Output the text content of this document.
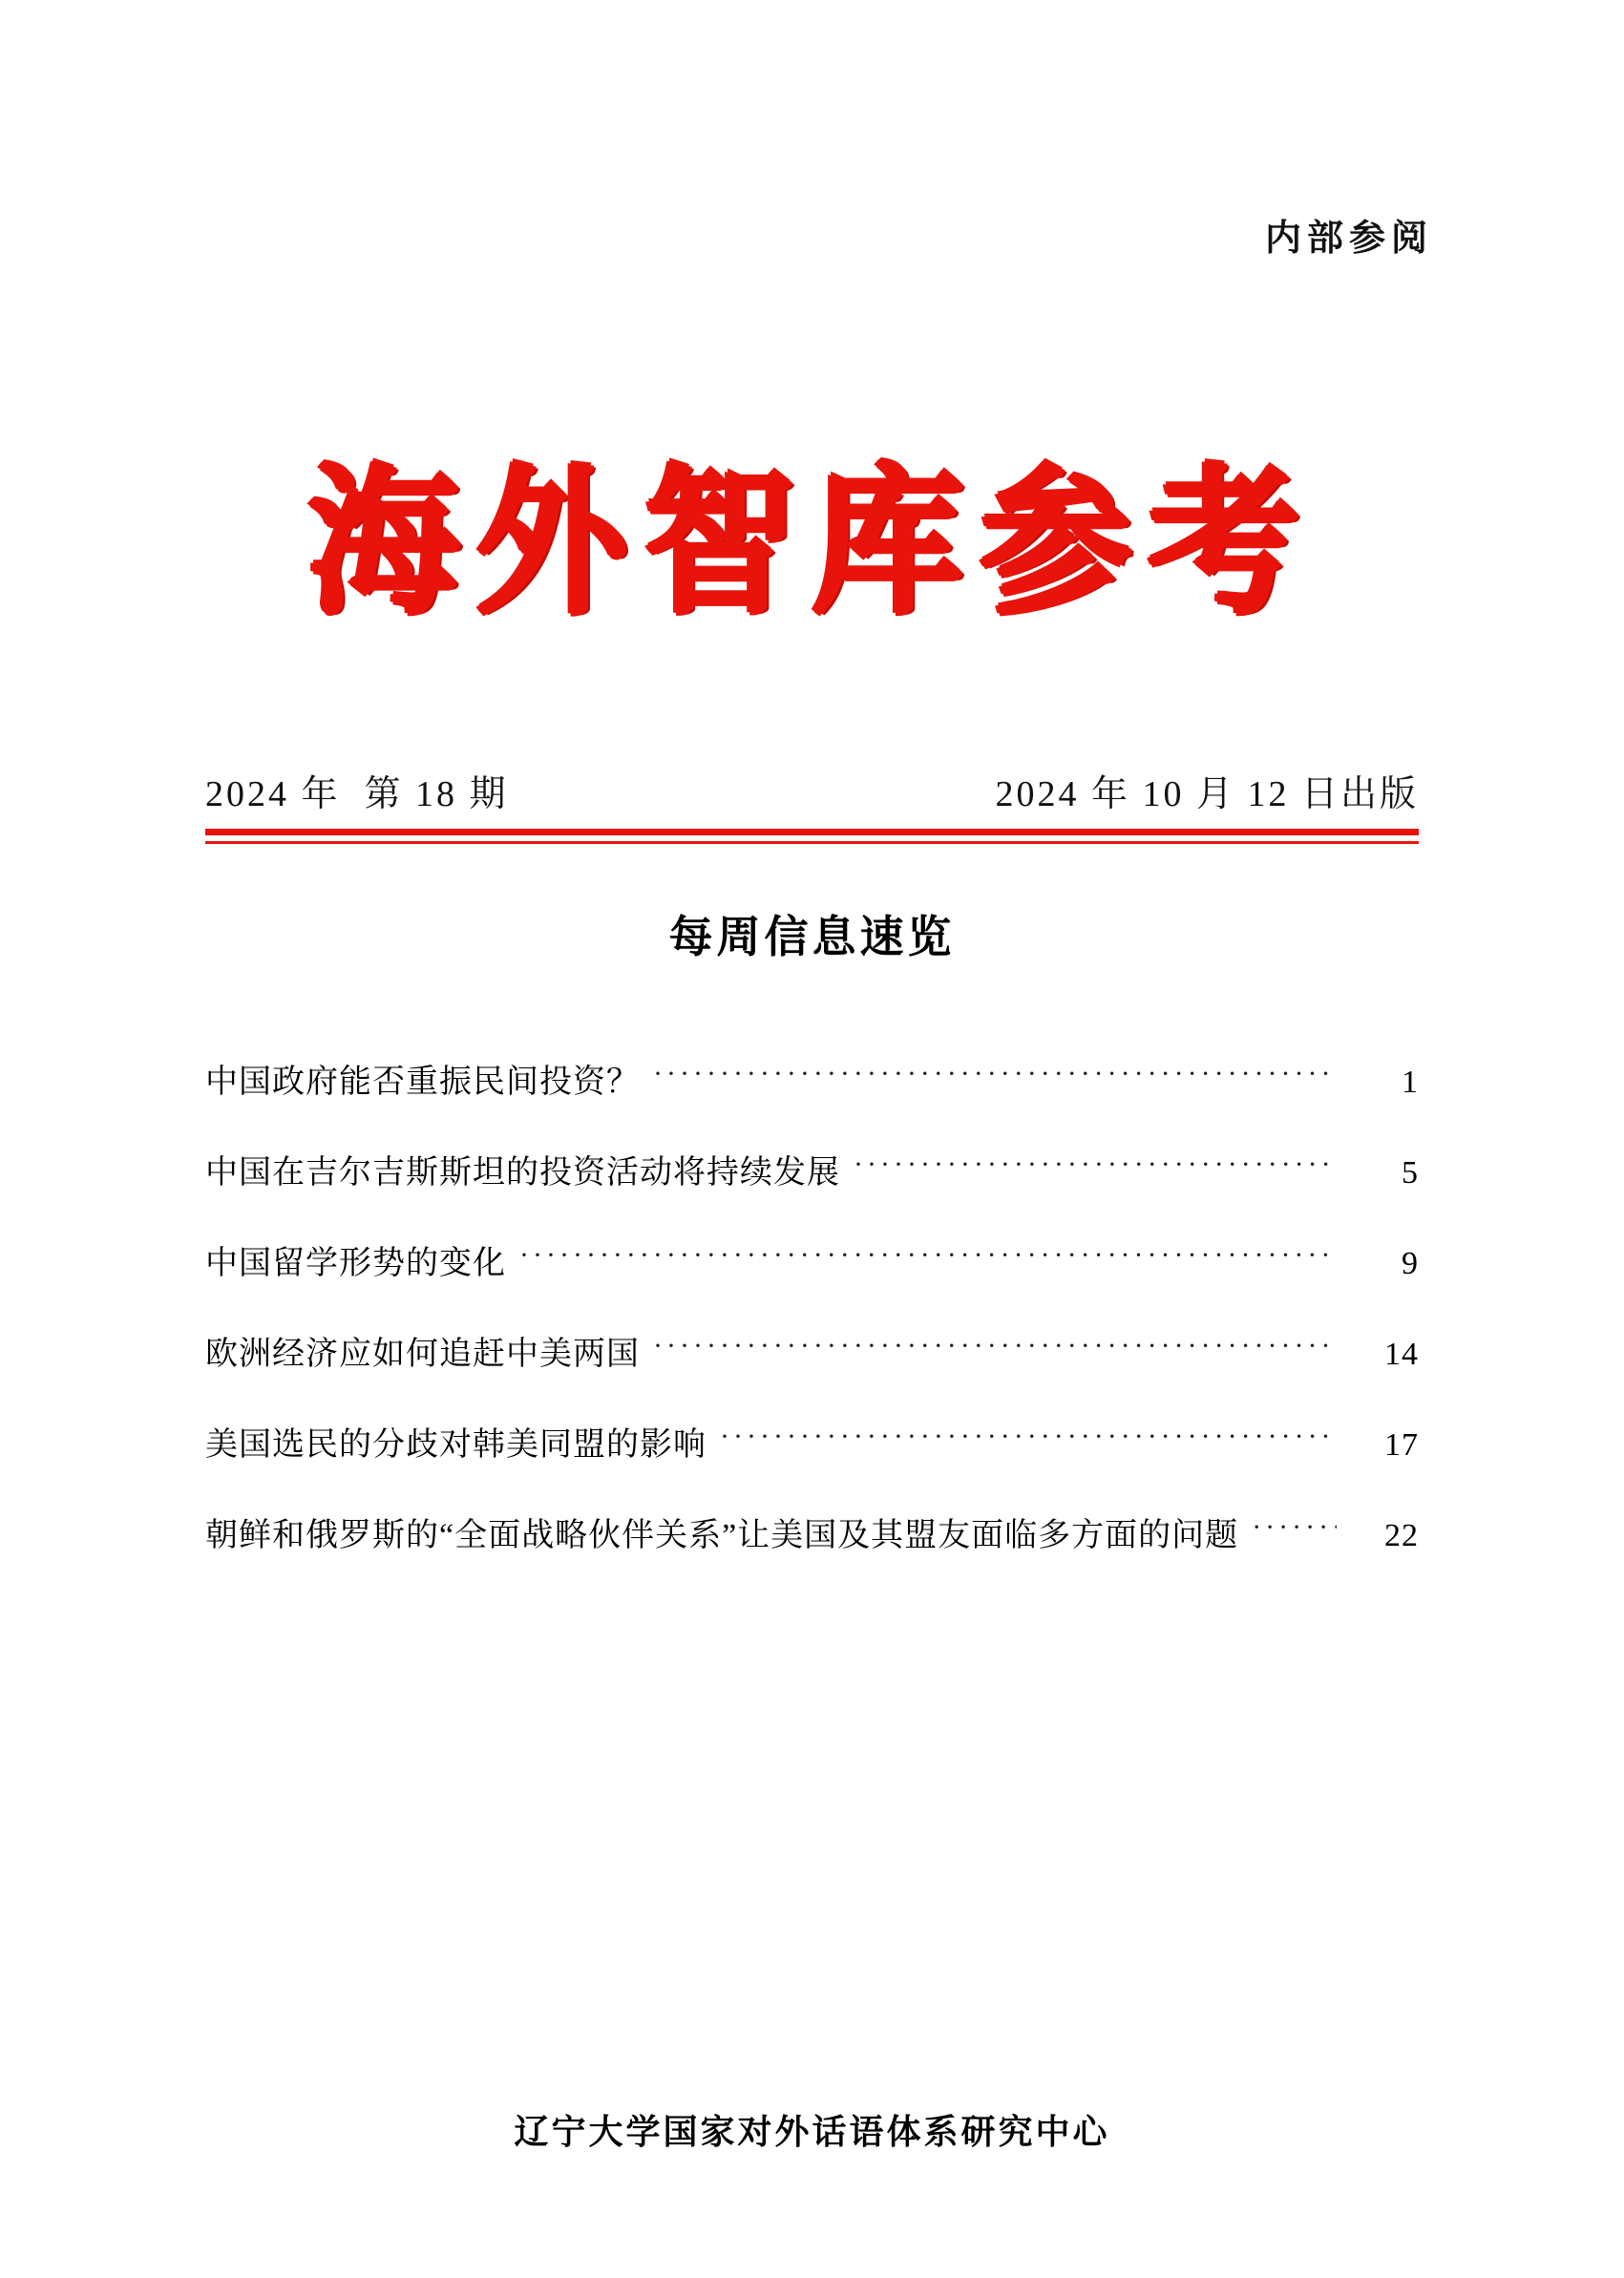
内部参阅
海外智库参考
2024 年  第 18 期	2024 年 10 月 12 日出版
每周信息速览
中国政府能否重振民间投资？ ·····	1
中国在吉尔吉斯斯坦的投资活动将持续发展 ·····	5
中国留学形势的变化 ·····	9
欧洲经济应如何追赶中美两国 ·····	14
美国选民的分歧对韩美同盟的影响 ·····	17
朝鲜和俄罗斯的“全面战略伙伴关系”让美国及其盟友面临多方面的问题 ·····	22
辽宁大学国家对外话语体系研究中心
